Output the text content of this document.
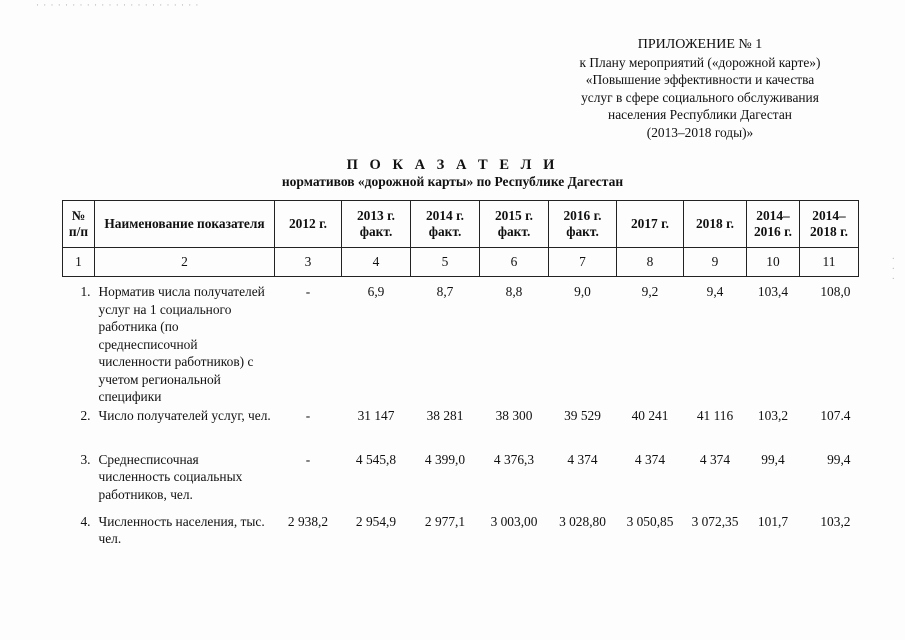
· · · · · · · · · · · · · · · · · · · · · · ·
ПРИЛОЖЕНИЕ № 1
к Плану мероприятий («дорожной карте»)
«Повышение эффективности и качества
услуг в сфере социального обслуживания
населения Республики Дагестан
(2013–2018 годы)»
П О К А З А Т Е Л И
нормативов «дорожной карты» по Республике Дагестан
№ п/п	Наименование показателя	2012 г.	2013 г. факт.	2014 г. факт.	2015 г. факт.	2016 г. факт.	2017 г.	2018 г.	2014– 2016 г.	2014– 2018 г.
1	2	3	4	5	6	7	8	9	10	11
1.	Норматив числа получателей услуг на 1 социального работника (по среднесписочной численности работников) с учетом региональной специфики	-	6,9	8,7	8,8	9,0	9,2	9,4	103,4	108,0
2.	Число получателей услуг, чел.	-	31 147	38 281	38 300	39 529	40 241	41 116	103,2	107.4
3.	Среднесписочная численность социальных работников, чел.	-	4 545,8	4 399,0	4 376,3	4 374	4 374	4 374	99,4	99,4
4.	Численность населения, тыс. чел.	2 938,2	2 954,9	2 977,1	3 003,00	3 028,80	3 050,85	3 072,35	101,7	103,2
·
·
·
